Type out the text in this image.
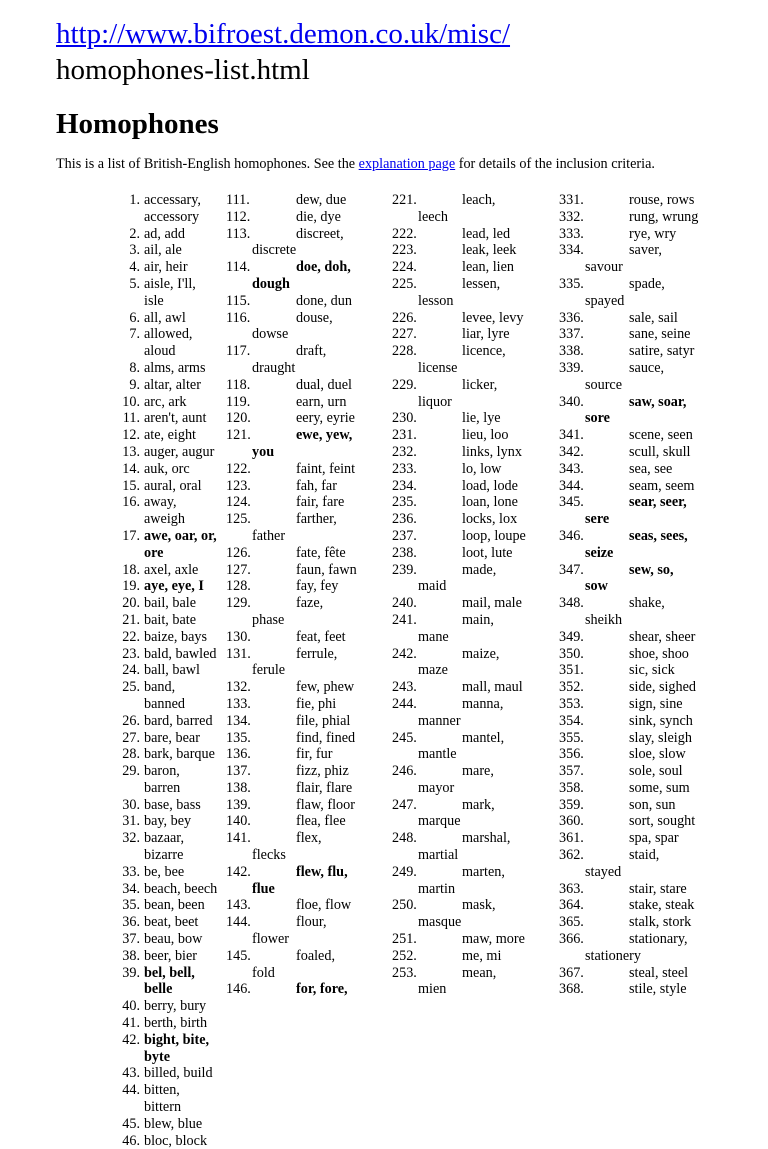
http://www.bifroest.demon.co.uk/misc/
homophones-list.html
Homophones

This is a list of British-English homophones. See the explanation page for details of the inclusion criteria.

1. accessary, accessory
2. ad, add
3. ail, ale
4. air, heir
5. aisle, I'll, isle
6. all, awl
7. allowed, aloud
8. alms, arms
9. altar, alter
10. arc, ark
11. aren't, aunt
12. ate, eight
13. auger, augur
14. auk, orc
15. aural, oral
16. away, aweigh
17. awe, oar, or, ore
18. axel, axle
19. aye, eye, I
20. bail, bale
21. bait, bate
22. baize, bays
23. bald, bawled
24. ball, bawl
25. band, banned
26. bard, barred
27. bare, bear
28. bark, barque
29. baron, barren
30. base, bass
31. bay, bey
32. bazaar, bizarre
33. be, bee
34. beach, beech
35. bean, been
36. beat, beet
37. beau, bow
38. beer, bier
39. bel, bell, belle
40. berry, bury
41. berth, birth
42. bight, bite, byte
43. billed, build
44. bitten, bittern
45. blew, blue
46. bloc, block
111.	dew, due
112.	die, dye
113.	discreet,
discrete
114.	doe, doh,
dough
115.	done, dun
116.	douse,
dowse
117.	draft,
draught
118.	dual, duel
119.	earn, urn
120.	eery, eyrie
121.	ewe, yew,
you
122.	faint, feint
123.	fah, far
124.	fair, fare
125.	farther,
father
126.	fate, fête
127.	faun, fawn
128.	fay, fey
129.	faze,
phase
130.	feat, feet
131.	ferrule,
ferule
132.	few, phew
133.	fie, phi
134.	file, phial
135.	find, fined
136.	fir, fur
137.	fizz, phiz
138.	flair, flare
139.	flaw, floor
140.	flea, flee
141.	flex,
flecks
142.	flew, flu,
flue
143.	floe, flow
144.	flour,
flower
145.	foaled,
fold
146.	for, fore,
221.	leach,
leech
222.	lead, led
223.	leak, leek
224.	lean, lien
225.	lessen,
lesson
226.	levee, levy
227.	liar, lyre
228.	licence,
license
229.	licker,
liquor
230.	lie, lye
231.	lieu, loo
232.	links, lynx
233.	lo, low
234.	load, lode
235.	loan, lone
236.	locks, lox
237.	loop, loupe
238.	loot, lute
239.	made,
maid
240.	mail, male
241.	main,
mane
242.	maize,
maze
243.	mall, maul
244.	manna,
manner
245.	mantel,
mantle
246.	mare,
mayor
247.	mark,
marque
248.	marshal,
martial
249.	marten,
martin
250.	mask,
masque
251.	maw, more
252.	me, mi
253.	mean,
mien
331.	rouse, rows
332.	rung, wrung
333.	rye, wry
334.	saver,
savour
335.	spade,
spayed
336.	sale, sail
337.	sane, seine
338.	satire, satyr
339.	sauce,
source
340.	saw, soar,
sore
341.	scene, seen
342.	scull, skull
343.	sea, see
344.	seam, seem
345.	sear, seer,
sere
346.	seas, sees,
seize
347.	sew, so,
sow
348.	shake,
sheikh
349.	shear, sheer
350.	shoe, shoo
351.	sic, sick
352.	side, sighed
353.	sign, sine
354.	sink, synch
355.	slay, sleigh
356.	sloe, slow
357.	sole, soul
358.	some, sum
359.	son, sun
360.	sort, sought
361.	spa, spar
362.	staid,
stayed
363.	stair, stare
364.	stake, steak
365.	stalk, stork
366.	stationary,
stationery
367.	steal, steel
368.	stile, style
